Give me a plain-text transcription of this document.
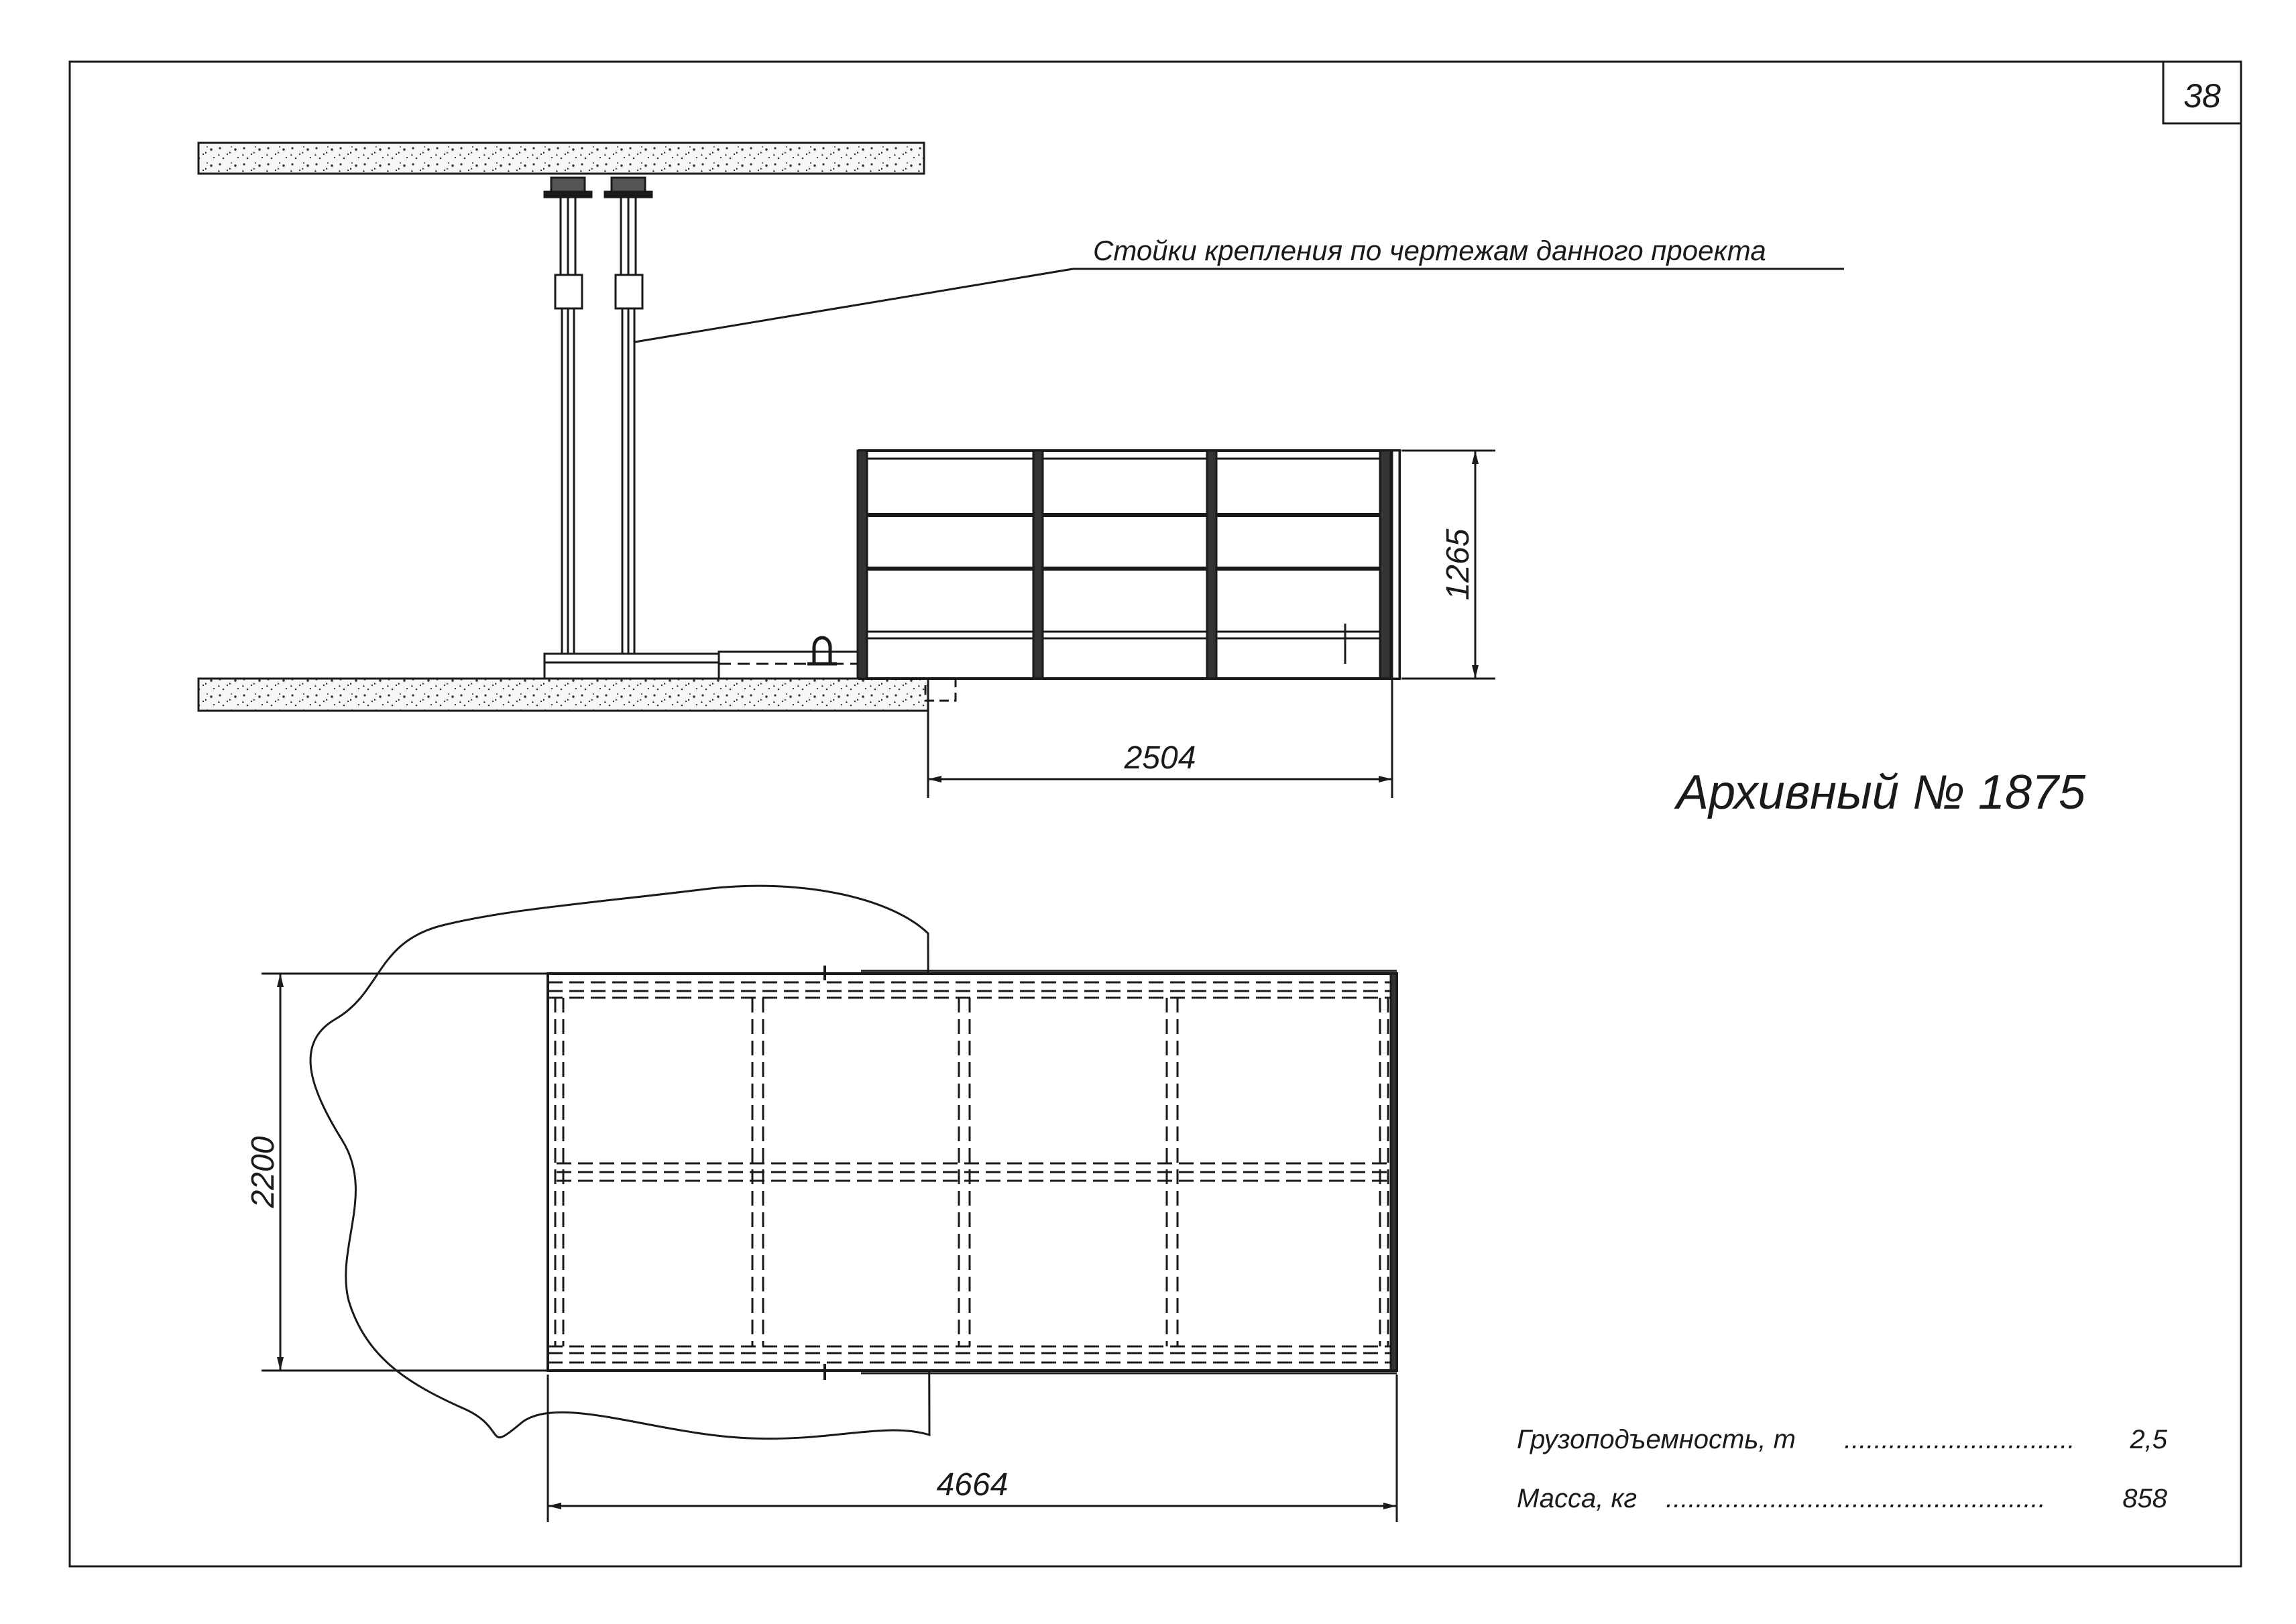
38
Стойки крепления по чертежам данного проекта
1265
2504
Архивный № 1875
2200
4664
Грузоподъемность, т ............................... 2,5
Масса, кг ...................................................	858
